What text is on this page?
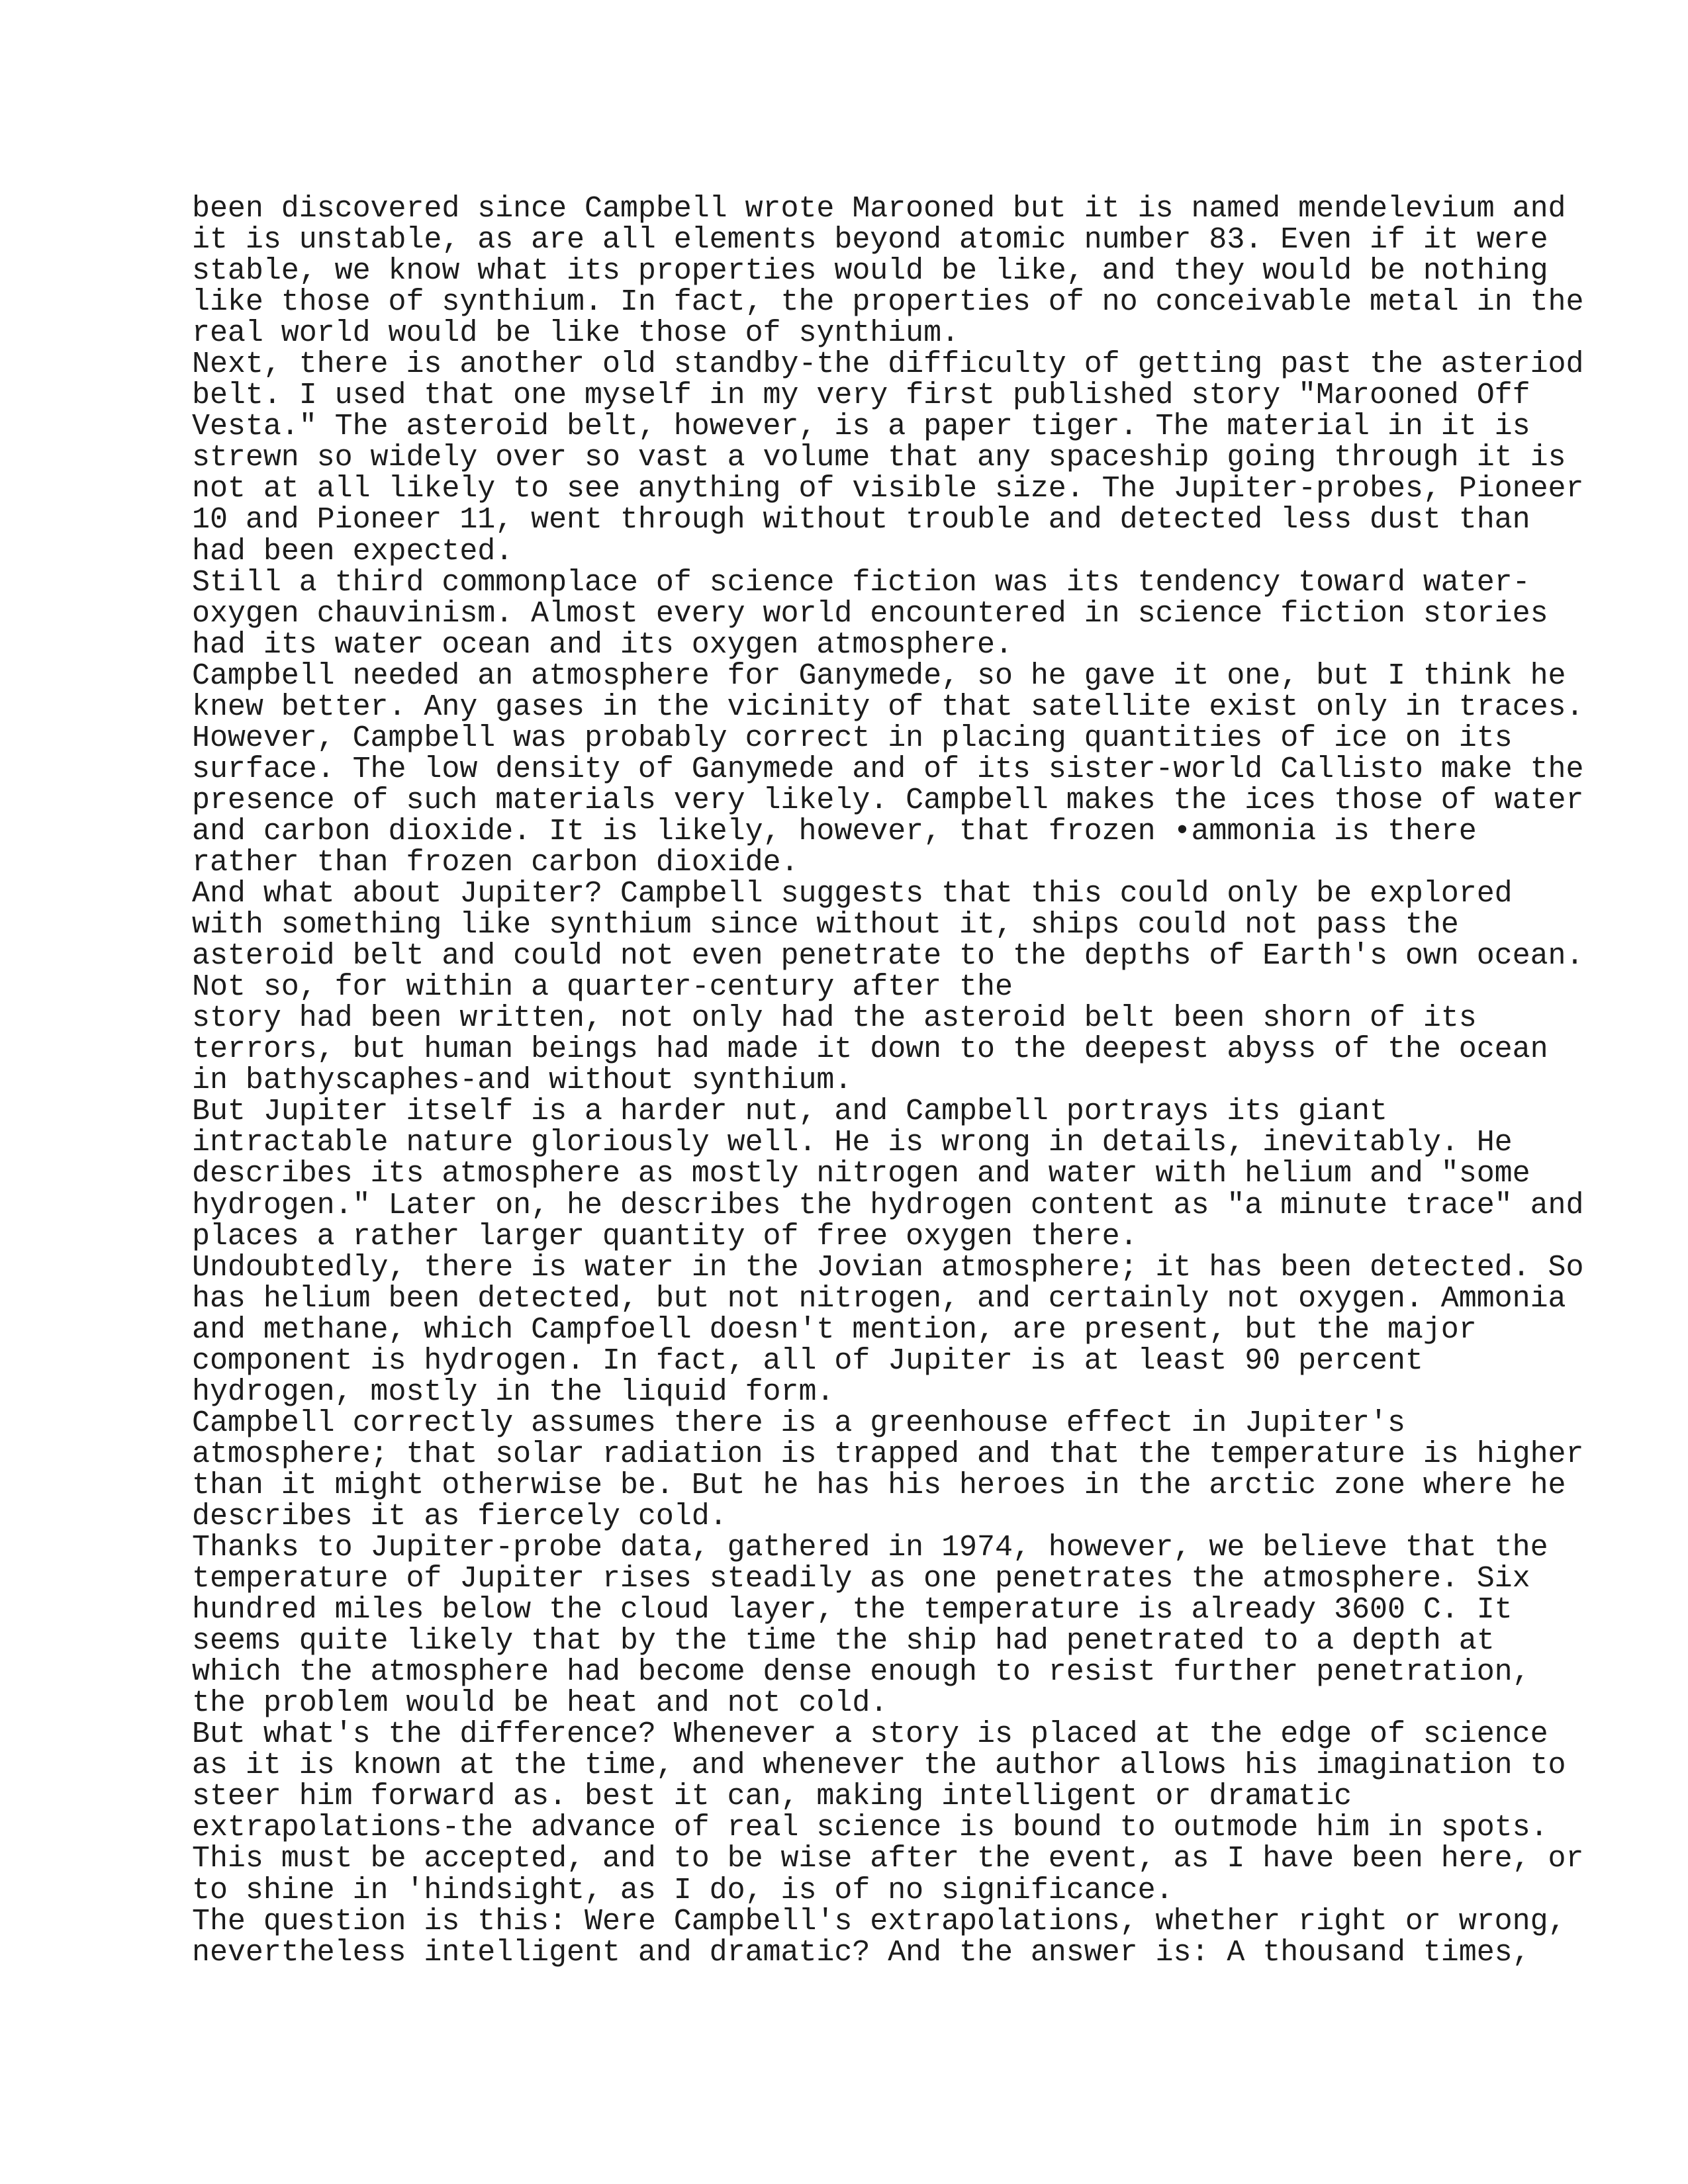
been discovered since Campbell wrote Marooned but it is named mendelevium and
it is unstable, as are all elements beyond atomic number 83. Even if it were
stable, we know what its properties would be like, and they would be nothing
like those of synthium. In fact, the properties of no conceivable metal in the
real world would be like those of synthium.
Next, there is another old standby-the difficulty of getting past the asteriod
belt. I used that one myself in my very first published story "Marooned Off
Vesta." The asteroid belt, however, is a paper tiger. The material in it is
strewn so widely over so vast a volume that any spaceship going through it is
not at all likely to see anything of visible size. The Jupiter-probes, Pioneer
10 and Pioneer 11, went through without trouble and detected less dust than
had been expected.
Still a third commonplace of science fiction was its tendency toward water-
oxygen chauvinism. Almost every world encountered in science fiction stories
had its water ocean and its oxygen atmosphere.
Campbell needed an atmosphere for Ganymede, so he gave it one, but I think he
knew better. Any gases in the vicinity of that satellite exist only in traces.
However, Campbell was probably correct in placing quantities of ice on its
surface. The low density of Ganymede and of its sister-world Callisto make the
presence of such materials very likely. Campbell makes the ices those of water
and carbon dioxide. It is likely, however, that frozen •ammonia is there
rather than frozen carbon dioxide.
And what about Jupiter? Campbell suggests that this could only be explored
with something like synthium since without it, ships could not pass the
asteroid belt and could not even penetrate to the depths of Earth's own ocean.
Not so, for within a quarter-century after the
story had been written, not only had the asteroid belt been shorn of its
terrors, but human beings had made it down to the deepest abyss of the ocean
in bathyscaphes-and without synthium.
But Jupiter itself is a harder nut, and Campbell portrays its giant
intractable nature gloriously well. He is wrong in details, inevitably. He
describes its atmosphere as mostly nitrogen and water with helium and "some
hydrogen." Later on, he describes the hydrogen content as "a minute trace" and
places a rather larger quantity of free oxygen there.
Undoubtedly, there is water in the Jovian atmosphere; it has been detected. So
has helium been detected, but not nitrogen, and certainly not oxygen. Ammonia
and methane, which Campfoell doesn't mention, are present, but the major
component is hydrogen. In fact, all of Jupiter is at least 90 percent
hydrogen, mostly in the liquid form.
Campbell correctly assumes there is a greenhouse effect in Jupiter's
atmosphere; that solar radiation is trapped and that the temperature is higher
than it might otherwise be. But he has his heroes in the arctic zone where he
describes it as fiercely cold.
Thanks to Jupiter-probe data, gathered in 1974, however, we believe that the
temperature of Jupiter rises steadily as one penetrates the atmosphere. Six
hundred miles below the cloud layer, the temperature is already 3600 C. It
seems quite likely that by the time the ship had penetrated to a depth at
which the atmosphere had become dense enough to resist further penetration,
the problem would be heat and not cold.
But what's the difference? Whenever a story is placed at the edge of science
as it is known at the time, and whenever the author allows his imagination to
steer him forward as. best it can, making intelligent or dramatic
extrapolations-the advance of real science is bound to outmode him in spots.
This must be accepted, and to be wise after the event, as I have been here, or
to shine in 'hindsight, as I do, is of no significance.
The question is this: Were Campbell's extrapolations, whether right or wrong,
nevertheless intelligent and dramatic? And the answer is: A thousand times,
